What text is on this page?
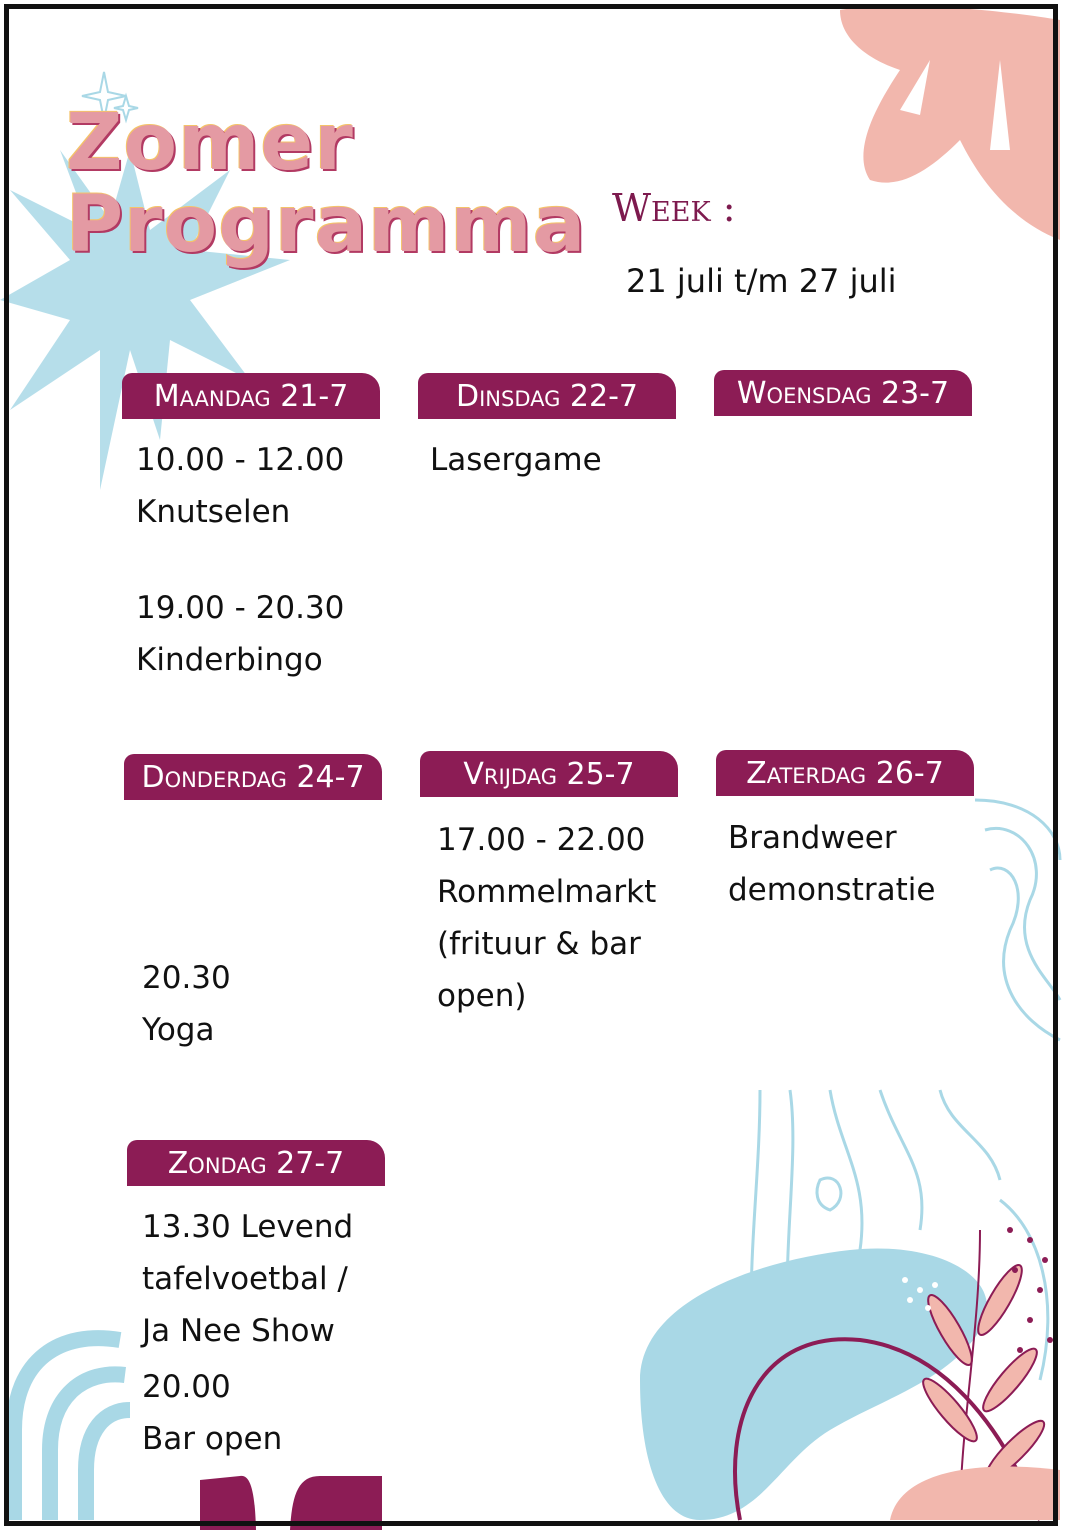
Zomer
Programma Week :
21 juli t/m 27 juli
Maandag 21-7
10.00 - 12.00
Knutselen
19.00 - 20.30
Kinderbingo
Dinsdag 22-7
Lasergame
Woensdag 23-7
Donderdag 24-7
20.30
Yoga
Vrijdag 25-7
17.00 - 22.00
Rommelmarkt
(frituur & bar
open)
Zaterdag 26-7
Brandweer
demonstratie
Zondag 27-7
13.30 Levend
tafelvoetbal /
Ja Nee Show
20.00
Bar open
